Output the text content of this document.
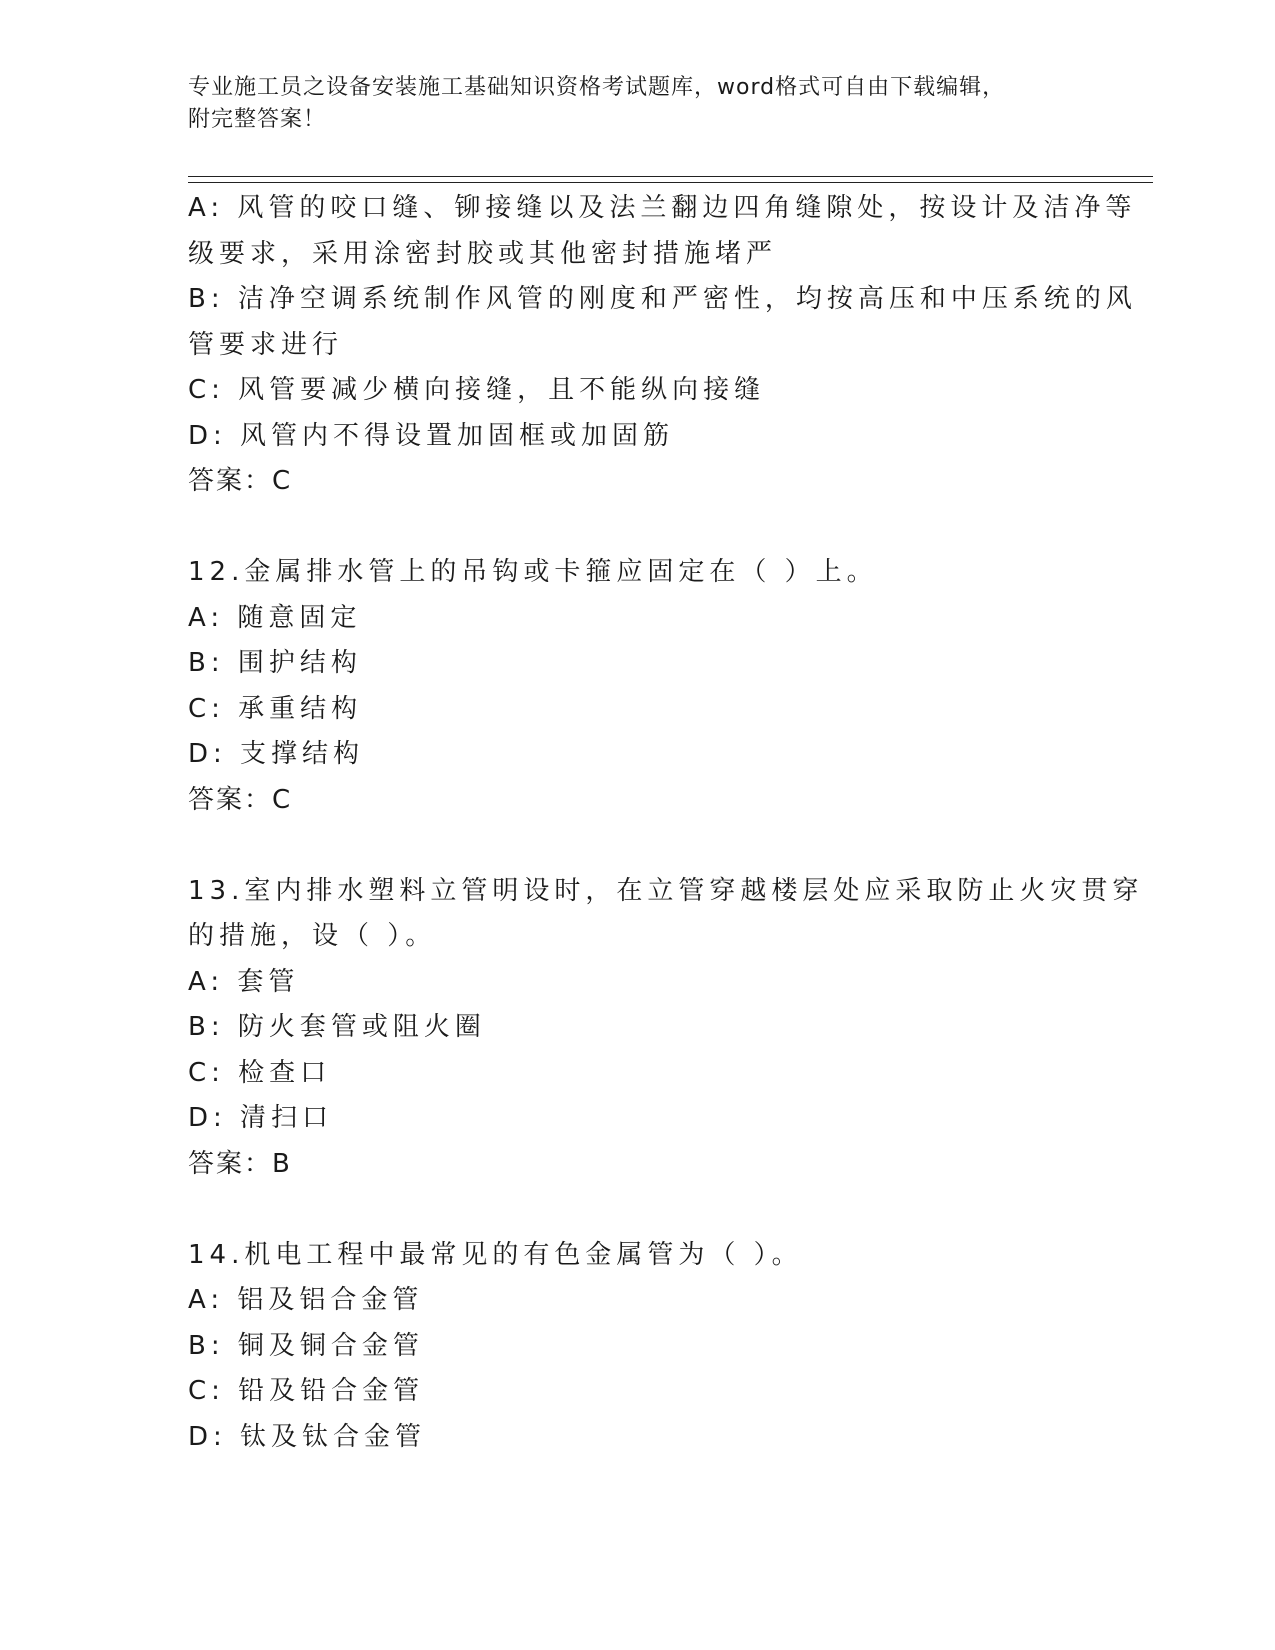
专业施工员之设备安装施工基础知识资格考试题库，word格式可自由下载编辑，
附完整答案！
A: 风管的咬口缝、铆接缝以及法兰翻边四角缝隙处，按设计及洁净等
级要求，采用涂密封胶或其他密封措施堵严
B: 洁净空调系统制作风管的刚度和严密性，均按高压和中压系统的风
管要求进行
C: 风管要减少横向接缝，且不能纵向接缝
D: 风管内不得设置加固框或加固筋
答案：C
12.金属排水管上的吊钩或卡箍应固定在（ ）上。
A: 随意固定
B: 围护结构
C: 承重结构
D: 支撑结构
答案：C
13.室内排水塑料立管明设时，在立管穿越楼层处应采取防止火灾贯穿
的措施，设（ ）。
A: 套管
B: 防火套管或阻火圈
C: 检查口
D: 清扫口
答案：B
14.机电工程中最常见的有色金属管为（ ）。
A: 铝及铝合金管
B: 铜及铜合金管
C: 铅及铅合金管
D: 钛及钛合金管
